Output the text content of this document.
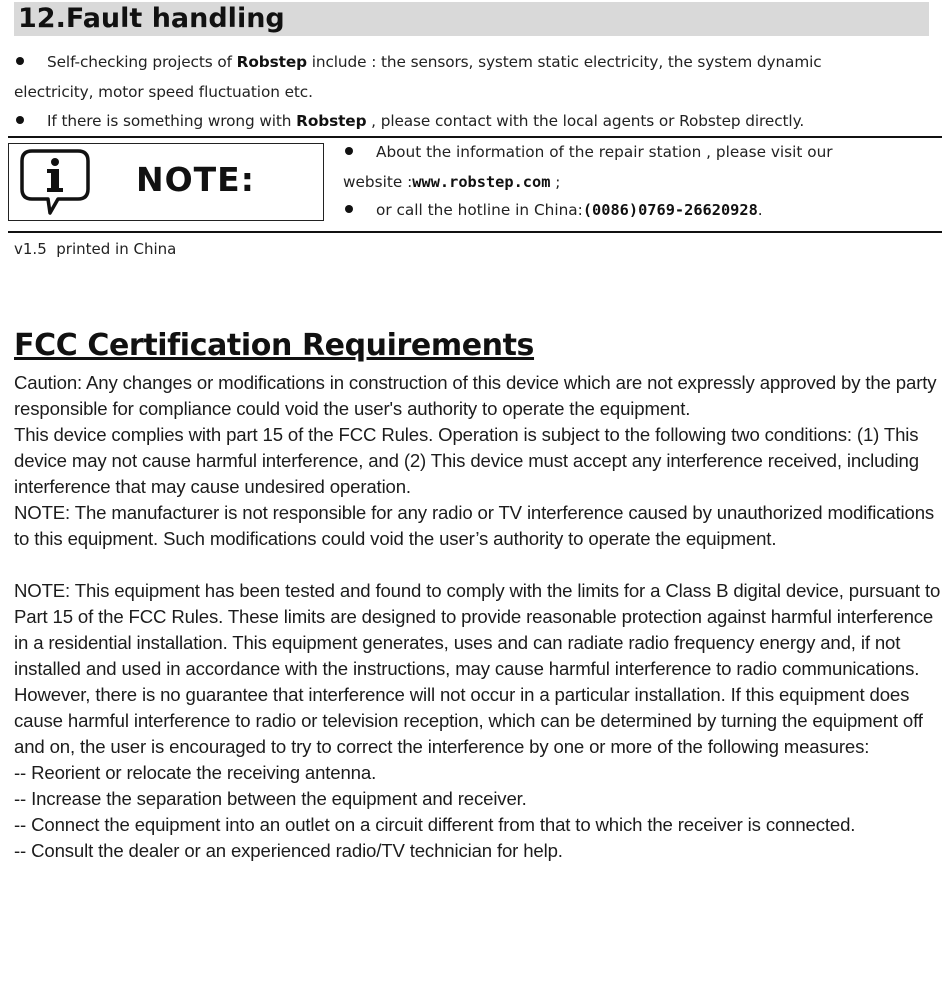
12.Fault handling
Self-checking projects of Robstep include : the sensors, system static electricity, the system dynamic
electricity, motor speed fluctuation etc.
If there is something wrong with Robstep , please contact with the local agents or Robstep directly.
NOTE:
About the information of the repair station , please visit our
website :www.robstep.com ;
or call the hotline in China:(0086)0769-26620928.
v1.5  printed in China
FCC Certification Requirements

Caution: Any changes or modifications in construction of this device which are not expressly approved by the party responsible for compliance could void the user's authority to operate the equipment.

This device complies with part 15 of the FCC Rules. Operation is subject to the following two conditions: (1) This device may not cause harmful interference, and (2) This device must accept any interference received, including interference that may cause undesired operation.

NOTE: The manufacturer is not responsible for any radio or TV interference caused by unauthorized modifications to this equipment. Such modifications could void the user’s authority to operate the equipment.

NOTE: This equipment has been tested and found to comply with the limits for a Class B digital device, pursuant to Part 15 of the FCC Rules. These limits are designed to provide reasonable protection against harmful interference in a residential installation. This equipment generates, uses and can radiate radio frequency energy and, if not installed and used in accordance with the instructions, may cause harmful interference to radio communications. However, there is no guarantee that interference will not occur in a particular installation. If this equipment does cause harmful interference to radio or television reception, which can be determined by turning the equipment off and on, the user is encouraged to try to correct the interference by one or more of the following measures:

-- Reorient or relocate the receiving antenna.

-- Increase the separation between the equipment and receiver.

-- Connect the equipment into an outlet on a circuit different from that to which the receiver is connected.

-- Consult the dealer or an experienced radio/TV technician for help.
